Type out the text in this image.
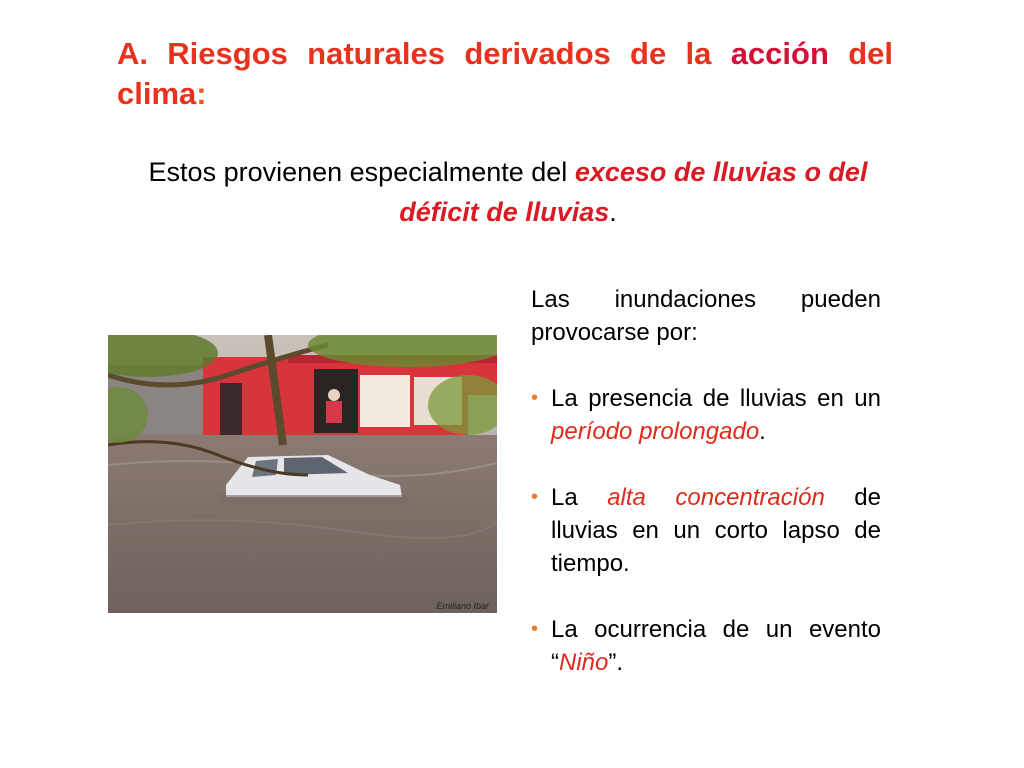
A. Riesgos naturales derivados de la acción del clima:

Estos provienen especialmente del exceso de lluvias o del déficit de lluvias.

Emiliano Ibar

Las inundaciones pueden provocarse por:

• La presencia de lluvias en un período prolongado.

• La alta concentración de lluvias en un corto lapso de tiempo.

• La ocurrencia de un evento “Niño”.
